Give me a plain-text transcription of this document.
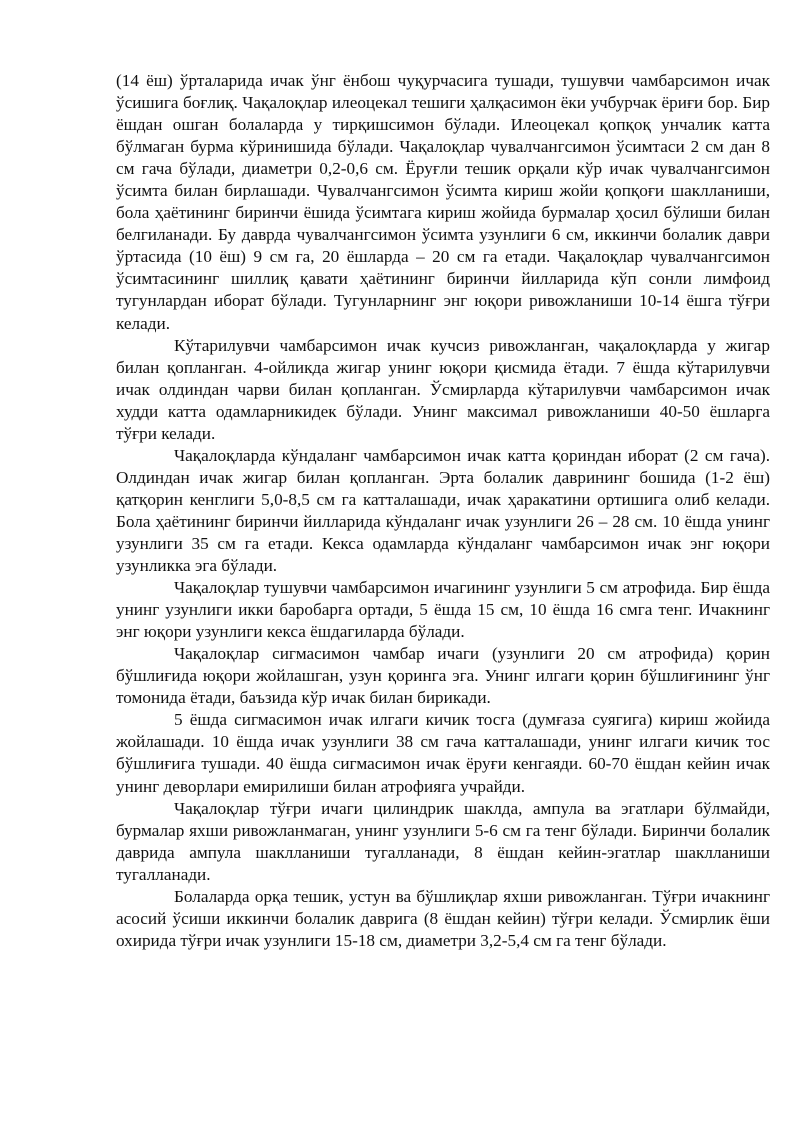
(14 ёш) ўрталарида ичак ўнг ёнбош чуқурчасига тушади, тушувчи чамбарсимон ичак ўсишига боғлиқ. Чақалоқлар илеоцекал тешиги ҳалқасимон ёки учбурчак ёриғи бор. Бир ёшдан ошган болаларда у тирқишсимон бўлади. Илеоцекал қопқоқ унчалик катта бўлмаган бурма кўринишида бўлади. Чақалоқлар чувалчангсимон ўсимтаси 2 см дан 8 см гача бўлади, диаметри 0,2-0,6 см. Ёруғли тешик орқали кўр ичак чувалчангсимон ўсимта билан бирлашади. Чувалчангсимон ўсимта кириш жойи қопқоғи шаклланиши, бола ҳаётининг биринчи ёшида ўсимтага кириш жойида бурмалар ҳосил бўлиши билан белгиланади. Бу даврда чувалчангсимон ўсимта узунлиги 6 см, иккинчи болалик даври ўртасида (10 ёш) 9 см га, 20 ёшларда – 20 см га етади. Чақалоқлар чувалчангсимон ўсимтасининг шиллиқ қавати ҳаётининг биринчи йилларида кўп сонли лимфоид тугунлардан иборат бўлади. Тугунларнинг энг юқори ривожланиши 10-14 ёшга тўғри келади.

Кўтарилувчи чамбарсимон ичак кучсиз ривожланган, чақалоқларда у жигар билан қопланган. 4-ойликда жигар унинг юқори қисмида ётади. 7 ёшда кўтарилувчи ичак олдиндан чарви билан қопланган. Ўсмирларда кўтарилувчи чамбарсимон ичак худди катта одамларникидек бўлади. Унинг максимал ривожланиши 40-50 ёшларга тўғри келади.

Чақалоқларда кўндаланг чамбарсимон ичак катта қориндан иборат (2 см гача). Олдиндан ичак жигар билан қопланган. Эрта болалик даврининг бошида (1-2 ёш) қатқорин кенглиги 5,0-8,5 см га катталашади, ичак ҳаракатини ортишига олиб келади. Бола ҳаётининг биринчи йилларида кўндаланг ичак узунлиги 26 – 28 см. 10 ёшда унинг узунлиги 35 см га етади. Кекса одамларда кўндаланг чамбарсимон ичак энг юқори узунликка эга бўлади.

Чақалоқлар тушувчи чамбарсимон ичагининг узунлиги 5 см атрофида. Бир ёшда унинг узунлиги икки баробарга ортади, 5 ёшда 15 см, 10 ёшда 16 смга тенг. Ичакнинг энг юқори узунлиги кекса ёшдагиларда бўлади.

Чақалоқлар сигмасимон чамбар ичаги (узунлиги 20 см атрофида) қорин бўшлиғида юқори жойлашган, узун қорингa эга. Унинг илгаги қорин бўшлиғининг ўнг томонида ётади, баъзида кўр ичак билан бирикади.

5 ёшда сигмасимон ичак илгаги кичик тосга (думғаза суягига) кириш жойида жойлашади. 10 ёшда ичак узунлиги 38 см гача катталашади, унинг илгаги кичик тос бўшлиғига тушади. 40 ёшда сигмасимон ичак ёруғи кенгаяди. 60-70 ёшдан кейин ичак унинг деворлари емирилиши билан атрофияга учрайди.

Чақалоқлар тўғри ичаги цилиндрик шаклда, ампула ва эгатлари бўлмайди, бурмалар яхши ривожланмаган, унинг узунлиги 5-6 см га тенг бўлади. Биринчи болалик даврида ампула шаклланиши тугалланади, 8 ёшдан кейин-эгатлар шаклланиши тугалланади.

Болаларда орқа тешик, устун ва бўшлиқлар яхши ривожланган. Тўғри ичакнинг асосий ўсиши иккинчи болалик даврига (8 ёшдан кейин) тўғри келади. Ўсмирлик ёши охирида тўғри ичак узунлиги 15-18 см, диаметри 3,2-5,4 см га тенг бўлади.
